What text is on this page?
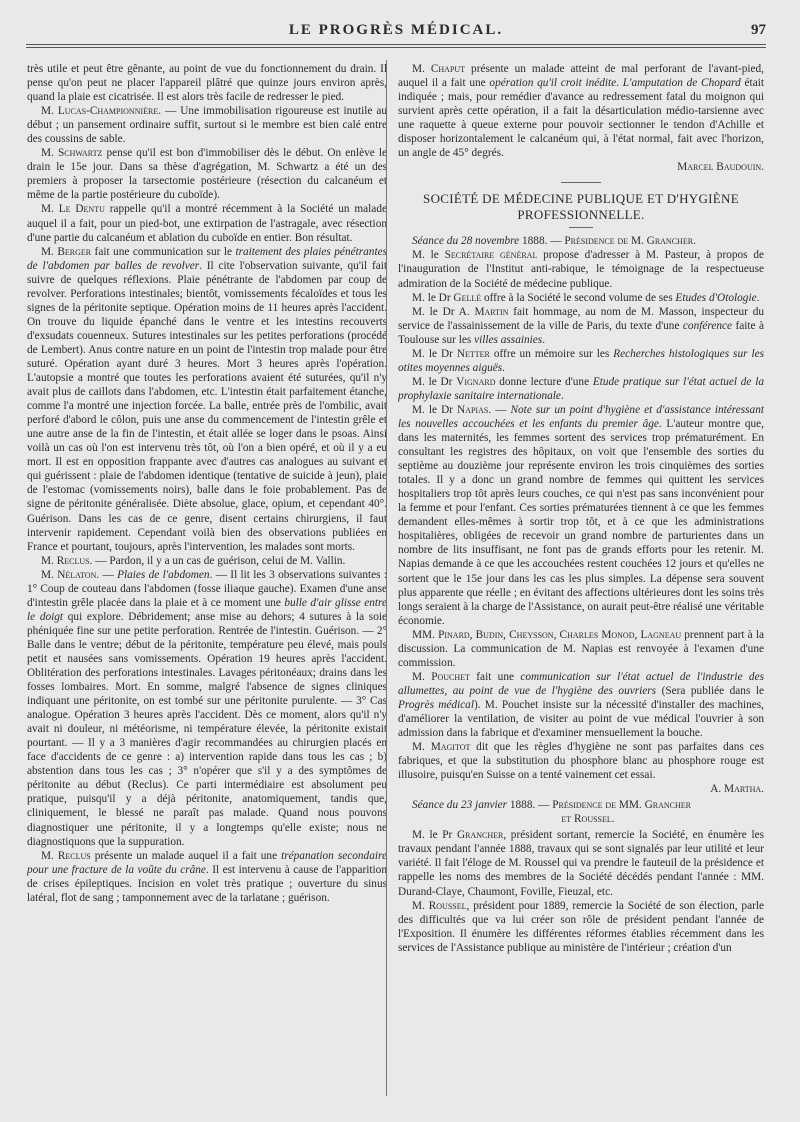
LE PROGRÈS MÉDICAL.	97

très utile et peut être gênante, au point de vue du fonctionnement du drain. Il pense qu'on peut ne placer l'appareil plâtré que quinze jours environ après, quand la plaie est cicatrisée. Il est alors très facile de redresser le pied.

M. Lucas-Championnière. — Une immobilisation rigoureuse est inutile au début ; un pansement ordinaire suffit, surtout si le membre est bien calé entre des coussins de sable.

M. Schwartz pense qu'il est bon d'immobiliser dès le début. On enlève le drain le 15e jour. Dans sa thèse d'agrégation, M. Schwartz a été un des premiers à proposer la tarsectomie postérieure (résection du calcanéum et même de la partie postérieure du cuboïde).

M. Le Dentu rappelle qu'il a montré récemment à la Société un malade auquel il a fait, pour un pied-bot, une extirpation de l'astragale, avec résection d'une partie du calcanéum et ablation du cuboïde en entier. Bon résultat.

M. Berger fait une communication sur le traitement des plaies pénétrantes de l'abdomen par balles de revolver. Il cite l'observation suivante, qu'il fait suivre de quelques réflexions. Plaie pénétrante de l'abdomen par coup de revolver. Perforations intestinales; bientôt, vomissements fécaloïdes et tous les signes de la péritonite septique. Opération moins de 11 heures après l'accident. On trouve du liquide épanché dans le ventre et les intestins recouverts d'exsudats couenneux. Sutures intestinales sur les petites perforations (procédé de Lembert). Anus contre nature en un point de l'intestin trop malade pour être suturé. Opération ayant duré 3 heures. Mort 3 heures après l'opération. L'autopsie a montré que toutes les perforations avaient été suturées, qu'il n'y avait plus de caillots dans l'abdomen, etc. L'intestin était parfaitement étanche, comme l'a montré une injection forcée. La balle, entrée près de l'ombilic, avait perforé d'abord le côlon, puis une anse du commencement de l'intestin grêle et une autre anse de la fin de l'intestin, et était allée se loger dans le psoas. Ainsi voilà un cas où l'on est intervenu très tôt, où l'on a bien opéré, et où il y a eu mort. Il est en opposition frappante avec d'autres cas analogues au suivant et qui guérissent : plaie de l'abdomen identique (tentative de suicide à jeun), plaie de l'estomac (vomissements noirs), balle dans le foie probablement. Pas de signe de péritonite généralisée. Diète absolue, glace, opium, et cependant 40°. Guérison. Dans les cas de ce genre, disent certains chirurgiens, il faut intervenir rapidement. Cependant voilà bien des observations publiées en France et pourtant, toujours, après l'intervention, les malades sont morts.

M. Reclus. — Pardon, il y a un cas de guérison, celui de M. Vallin.

M. Nélaton. — Plaies de l'abdomen. — Il lit les 3 observations suivantes : 1° Coup de couteau dans l'abdomen (fosse iliaque gauche). Examen d'une anse d'intestin grêle placée dans la plaie et à ce moment une bulle d'air glisse entre le doigt qui explore. Débridement; anse mise au dehors; 4 sutures à la soie phéniquée fine sur une petite perforation. Rentrée de l'intestin. Guérison. — 2° Balle dans le ventre; début de la péritonite, température peu élevé, mais pouls petit et nausées sans vomissements. Opération 19 heures après l'accident. Oblitération des perforations intestinales. Lavages péritonéaux; drains dans les fosses lombaires. Mort. En somme, malgré l'absence de signes cliniques indiquant une péritonite, on est tombé sur une péritonite purulente. — 3° Cas analogue. Opération 3 heures après l'accident. Dès ce moment, alors qu'il n'y avait ni douleur, ni météorisme, ni température élevée, la péritonite existait pourtant. — Il y a 3 manières d'agir recommandées au chirurgien placés en face d'accidents de ce genre : a) intervention rapide dans tous les cas ; b) abstention dans tous les cas ; 3° n'opérer que s'il y a des symptômes de péritonite au début (Reclus). Ce parti intermédiaire est absolument peu pratique, puisqu'il y a déjà péritonite, anatomiquement, tandis que, cliniquement, le blessé ne paraît pas malade. Quand nous pouvons diagnostiquer une péritonite, il y a longtemps qu'elle existe; nous ne diagnostiquons que la suppuration.

M. Reclus présente un malade auquel il a fait une trépanation secondaire pour une fracture de la voûte du crâne. Il est intervenu à cause de l'apparition de crises épileptiques. Incision en volet très pratique ; ouverture du sinus latéral, flot de sang ; tamponnement avec de la tarlatane ; guérison.

M. Chaput présente un malade atteint de mal perforant de l'avant-pied, auquel il a fait une opération qu'il croit inédite. L'amputation de Chopard était indiquée ; mais, pour remédier d'avance au redressement fatal du moignon qui survient après cette opération, il a fait la désarticulation médio-tarsienne avec une raquette à queue externe pour pouvoir sectionner le tendon d'Achille et disposer horizontalement le calcanéum qui, à l'état normal, fait avec l'horizon, un angle de 45° degrés.

Marcel Baudouin.

SOCIÉTÉ DE MÉDECINE PUBLIQUE ET D'HYGIÈNE PROFESSIONNELLE.

Séance du 28 novembre 1888. — Présidence de M. Grancher.

M. le Secrétaire général propose d'adresser à M. Pasteur, à propos de l'inauguration de l'Institut anti-rabique, le témoignage de la respectueuse admiration de la Société de médecine publique.

M. le Dr Gellé offre à la Société le second volume de ses Etudes d'Otologie.

M. le Dr A. Martin fait hommage, au nom de M. Masson, inspecteur du service de l'assainissement de la ville de Paris, du texte d'une conférence faite à Toulouse sur les villes assainies.

M. le Dr Netter offre un mémoire sur les Recherches histologiques sur les otites moyennes aiguës.

M. le Dr Vignard donne lecture d'une Etude pratique sur l'état actuel de la prophylaxie sanitaire internationale.

M. le Dr Napias. — Note sur un point d'hygiène et d'assistance intéressant les nouvelles accouchées et les enfants du premier âge. L'auteur montre que, dans les maternités, les femmes sortent des services trop prématurément. En consultant les registres des hôpitaux, on voit que l'ensemble des sorties du septième au douzième jour représente environ les trois cinquièmes des sorties totales. Il y a donc un grand nombre de femmes qui quittent les services hospitaliers trop tôt après leurs couches, ce qui n'est pas sans inconvénient pour la femme et pour l'enfant. Ces sorties prématurées tiennent à ce que les femmes demandent elles-mêmes à sortir trop tôt, et à ce que les administrations hospitalières, obligées de recevoir un grand nombre de parturientes dans un nombre de lits insuffisant, ne font pas de grands efforts pour les retenir. M. Napias demande à ce que les accouchées restent couchées 12 jours et qu'elles ne sortent que le 15e jour dans les cas les plus simples. La dépense sera souvent plus apparente que réelle ; en évitant des affections ultérieures dont les soins très longs seraient à la charge de l'Assistance, on aurait peut-être réalisé une véritable économie.

MM. Pinard, Budin, Cheysson, Charles Monod, Lagneau prennent part à la discussion. La communication de M. Napias est renvoyée à l'examen d'une commission.

M. Pouchet fait une communication sur l'état actuel de l'industrie des allumettes, au point de vue de l'hygiène des ouvriers (Sera publiée dans le Progrès médical). M. Pouchet insiste sur la nécessité d'installer des machines, d'améliorer la ventilation, de visiter au point de vue médical l'ouvrier à son admission dans la fabrique et d'examiner mensuellement la bouche.

M. Magitot dit que les règles d'hygiène ne sont pas parfaites dans ces fabriques, et que la substitution du phosphore blanc au phosphore rouge est illusoire, puisqu'en Suisse on a tenté vainement cet essai.

A. Martha.

Séance du 23 janvier 1888. — Présidence de MM. Grancher

et Roussel.

M. le Pr Grancher, président sortant, remercie la Société, en énumère les travaux pendant l'année 1888, travaux qui se sont signalés par leur utilité et leur variété. Il fait l'éloge de M. Roussel qui va prendre le fauteuil de la présidence et rappelle les noms des membres de la Société décédés pendant l'année : MM. Durand-Claye, Chaumont, Foville, Fieuzal, etc.

M. Roussel, président pour 1889, remercie la Société de son élection, parle des difficultés que va lui créer son rôle de président pendant l'année de l'Exposition. Il énumère les différentes réformes établies récemment dans les services de l'Assistance publique au ministère de l'intérieur ; création d'un
